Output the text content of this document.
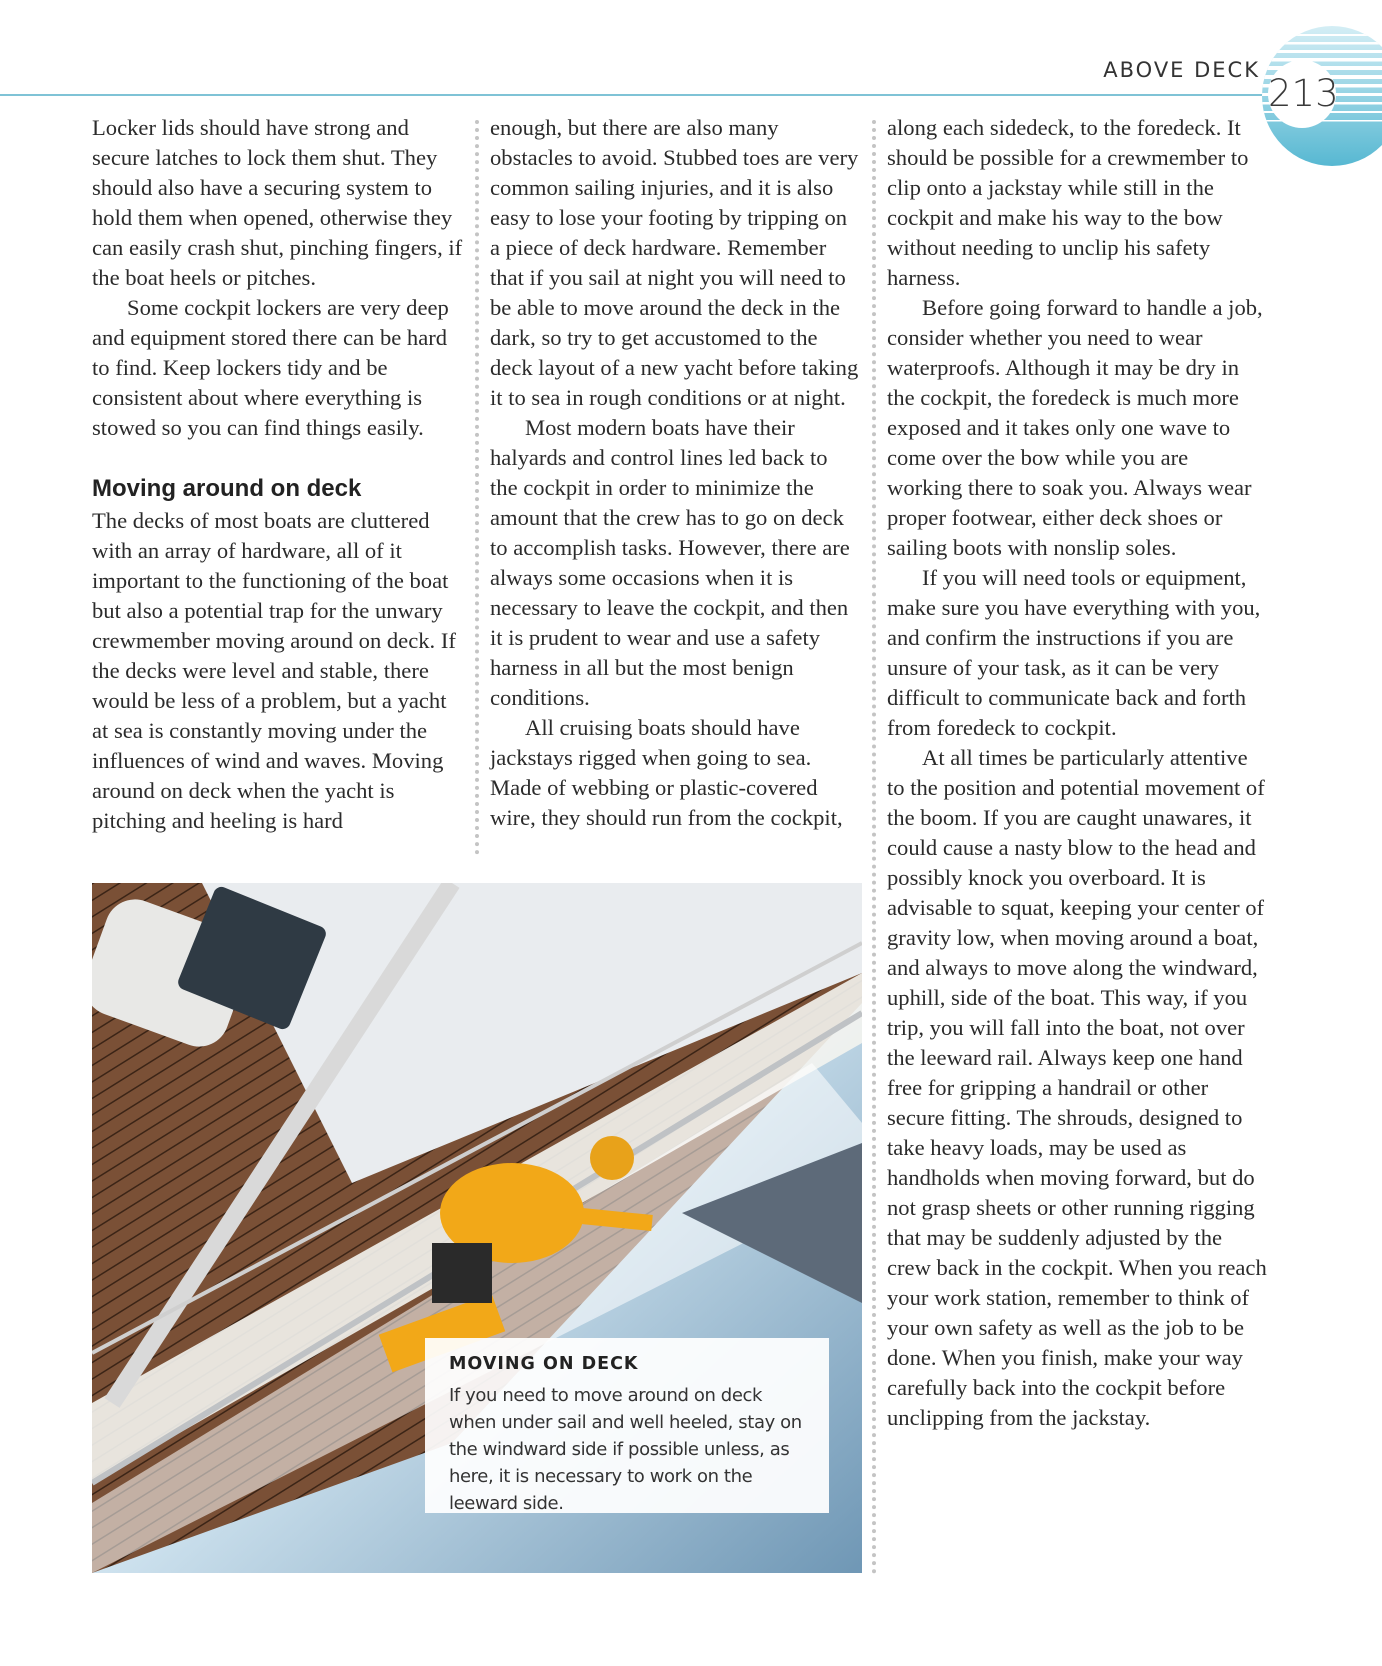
ABOVE DECK
213

Locker lids should have strong and secure latches to lock them shut. They should also have a securing system to hold them when opened, otherwise they can easily crash shut, pinching fingers, if the boat heels or pitches.

Some cockpit lockers are very deep and equipment stored there can be hard to find. Keep lockers tidy and be consistent about where everything is stowed so you can find things easily.

Moving around on deck

The decks of most boats are cluttered with an array of hardware, all of it important to the functioning of the boat but also a potential trap for the unwary crewmember moving around on deck. If the decks were level and stable, there would be less of a problem, but a yacht at sea is constantly moving under the influences of wind and waves. Moving around on deck when the yacht is pitching and heeling is hard

enough, but there are also many obstacles to avoid. Stubbed toes are very common sailing injuries, and it is also easy to lose your footing by tripping on a piece of deck hardware. Remember that if you sail at night you will need to be able to move around the deck in the dark, so try to get accustomed to the deck layout of a new yacht before taking it to sea in rough conditions or at night.

Most modern boats have their halyards and control lines led back to the cockpit in order to minimize the amount that the crew has to go on deck to accomplish tasks. However, there are always some occasions when it is necessary to leave the cockpit, and then it is prudent to wear and use a safety harness in all but the most benign conditions.

All cruising boats should have jackstays rigged when going to sea. Made of webbing or plastic-covered wire, they should run from the cockpit,

along each sidedeck, to the foredeck. It should be possible for a crewmember to clip onto a jackstay while still in the cockpit and make his way to the bow without needing to unclip his safety harness.

Before going forward to handle a job, consider whether you need to wear waterproofs. Although it may be dry in the cockpit, the foredeck is much more exposed and it takes only one wave to come over the bow while you are working there to soak you. Always wear proper footwear, either deck shoes or sailing boots with nonslip soles.

If you will need tools or equipment, make sure you have everything with you, and confirm the instructions if you are unsure of your task, as it can be very difficult to communicate back and forth from foredeck to cockpit.

At all times be particularly attentive to the position and potential movement of the boom. If you are caught unawares, it could cause a nasty blow to the head and possibly knock you overboard. It is advisable to squat, keeping your center of gravity low, when moving around a boat, and always to move along the windward, uphill, side of the boat. This way, if you trip, you will fall into the boat, not over the leeward rail. Always keep one hand free for gripping a handrail or other secure fitting. The shrouds, designed to take heavy loads, may be used as handholds when moving forward, but do not grasp sheets or other running rigging that may be suddenly adjusted by the crew back in the cockpit. When you reach your work station, remember to think of your own safety as well as the job to be done. When you finish, make your way carefully back into the cockpit before unclipping from the jackstay.

MOVING ON DECK
If you need to move around on deck when under sail and well heeled, stay on the windward side if possible unless, as here, it is necessary to work on the leeward side.
